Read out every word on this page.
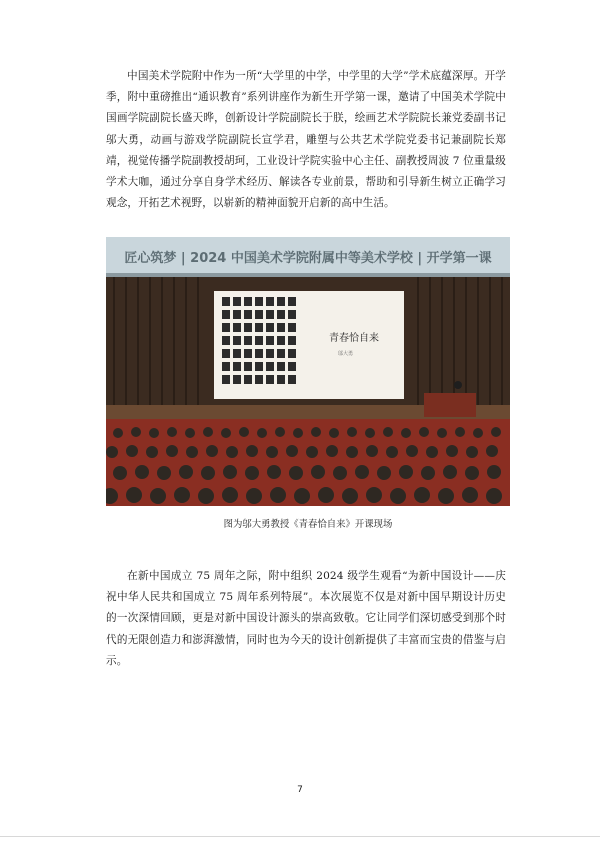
中国美术学院附中作为一所“大学里的中学，中学里的大学”学术底蕴深厚。开学季，附中重磅推出“通识教育”系列讲座作为新生开学第一课，邀请了中国美术学院中国画学院副院长盛天晔，创新设计学院副院长于朕，绘画艺术学院院长兼党委副书记邬大勇，动画与游戏学院副院长宣学君，雕塑与公共艺术学院党委书记兼副院长郑靖，视觉传播学院副教授胡珂，工业设计学院实验中心主任、副教授周波 7 位重量级学术大咖，通过分享自身学术经历、解读各专业前景，帮助和引导新生树立正确学习观念，开拓艺术视野，以崭新的精神面貌开启新的高中生活。

匠心筑梦 | 2024 中国美术学院附属中等美术学校 | 开学第一课
青春恰自来
邬大勇
图为邬大勇教授《青春恰自来》开课现场

在新中国成立 75 周年之际，附中组织 2024 级学生观看“为新中国设计——庆祝中华人民共和国成立 75 周年系列特展”。本次展览不仅是对新中国早期设计历史的一次深情回顾，更是对新中国设计源头的崇高致敬。它让同学们深切感受到那个时代的无限创造力和澎湃激情，同时也为今天的设计创新提供了丰富而宝贵的借鉴与启示。

7
